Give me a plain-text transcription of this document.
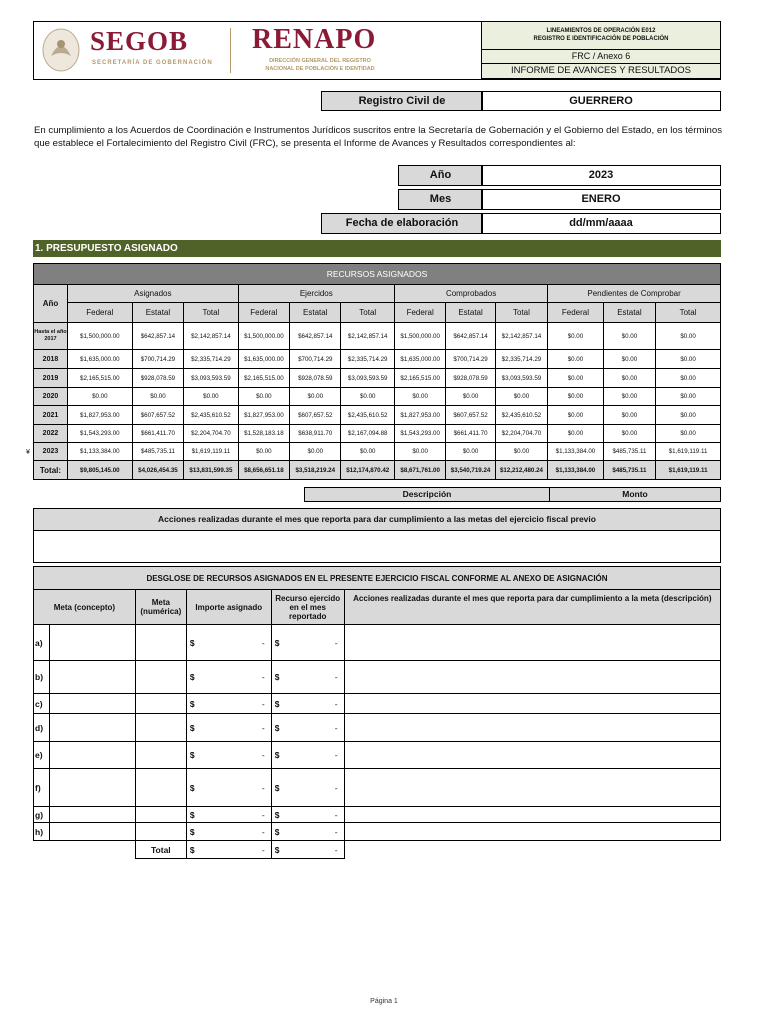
SEGOB
SECRETARÍA DE GOBERNACIÓN
RENAPO
DIRECCIÓN GENERAL DEL REGISTRO
NACIONAL DE POBLACIÓN E IDENTIDAD
LINEAMIENTOS DE OPERACIÓN E012
REGISTRO E IDENTIFICACIÓN DE POBLACIÓN
FRC / Anexo 6
INFORME DE AVANCES Y RESULTADOS
Registro Civil de	GUERRERO
En cumplimiento a los Acuerdos de Coordinación e Instrumentos Jurídicos suscritos entre la Secretaría de Gobernación y el Gobierno del Estado, en los términos que establece el Fortalecimiento del Registro Civil (FRC), se presenta el Informe de Avances y Resultados correspondientes al:
Año	2023
Mes	ENERO
Fecha de elaboración	dd/mm/aaaa
1. PRESUPUESTO ASIGNADO
RECURSOS ASIGNADOS												
Año	Asignados			Ejercidos			Comprobados			Pendientes de Comprobar		
	Federal	Estatal	Total	Federal	Estatal	Total	Federal	Estatal	Total	Federal	Estatal	Total
Hasta el año 2017	$1,500,000.00	$642,857.14	$2,142,857.14	$1,500,000.00	$642,857.14	$2,142,857.14	$1,500,000.00	$642,857.14	$2,142,857.14	$0.00	$0.00	$0.00
2018	$1,635,000.00	$700,714.29	$2,335,714.29	$1,635,000.00	$700,714.29	$2,335,714.29	$1,635,000.00	$700,714.29	$2,335,714.29	$0.00	$0.00	$0.00
2019	$2,165,515.00	$928,078.59	$3,093,593.59	$2,165,515.00	$928,078.59	$3,093,593.59	$2,165,515.00	$928,078.59	$3,093,593.59	$0.00	$0.00	$0.00
2020	$0.00	$0.00	$0.00	$0.00	$0.00	$0.00	$0.00	$0.00	$0.00	$0.00	$0.00	$0.00
2021	$1,827,953.00	$607,657.52	$2,435,610.52	$1,827,953.00	$607,657.52	$2,435,610.52	$1,827,953.00	$607,657.52	$2,435,610.52	$0.00	$0.00	$0.00
2022	$1,543,293.00	$661,411.70	$2,204,704.70	$1,528,183.18	$638,911.70	$2,167,094.88	$1,543,293.00	$661,411.70	$2,204,704.70	$0.00	$0.00	$0.00
2023	$1,133,384.00	$485,735.11	$1,619,119.11	$0.00	$0.00	$0.00	$0.00	$0.00	$0.00	$1,133,384.00	$485,735.11	$1,619,119.11
Total:	$9,805,145.00	$4,026,454.35	$13,831,599.35	$8,656,651.18	$3,518,219.24	$12,174,870.42	$8,671,761.00	$3,540,719.24	$12,212,480.24	$1,133,384.00	$485,735.11	$1,619,119.11
¥
Descripción	Monto
Acciones realizadas durante el mes que reporta para dar cumplimiento a las metas del ejercicio fiscal previo
DESGLOSE DE RECURSOS ASIGNADOS EN EL PRESENTE EJERCICIO FISCAL CONFORME AL ANEXO DE ASIGNACIÓN					
Meta (concepto)		Meta (numérica)	Importe asignado	Recurso ejercido en el mes reportado	Acciones realizadas durante el mes que reporta para dar cumplimiento a la meta (descripción)
a)			$ -	$ -	

b)			$ -	$ -	

c)			$ -	$ -	

d)			$ -	$ -	

e)			$ -	$ -	

f)			$ -	$ -	

g)			$ -	$ -	

h)			$ -	$ -	

		Total	$ -	$ -	

Página 1
